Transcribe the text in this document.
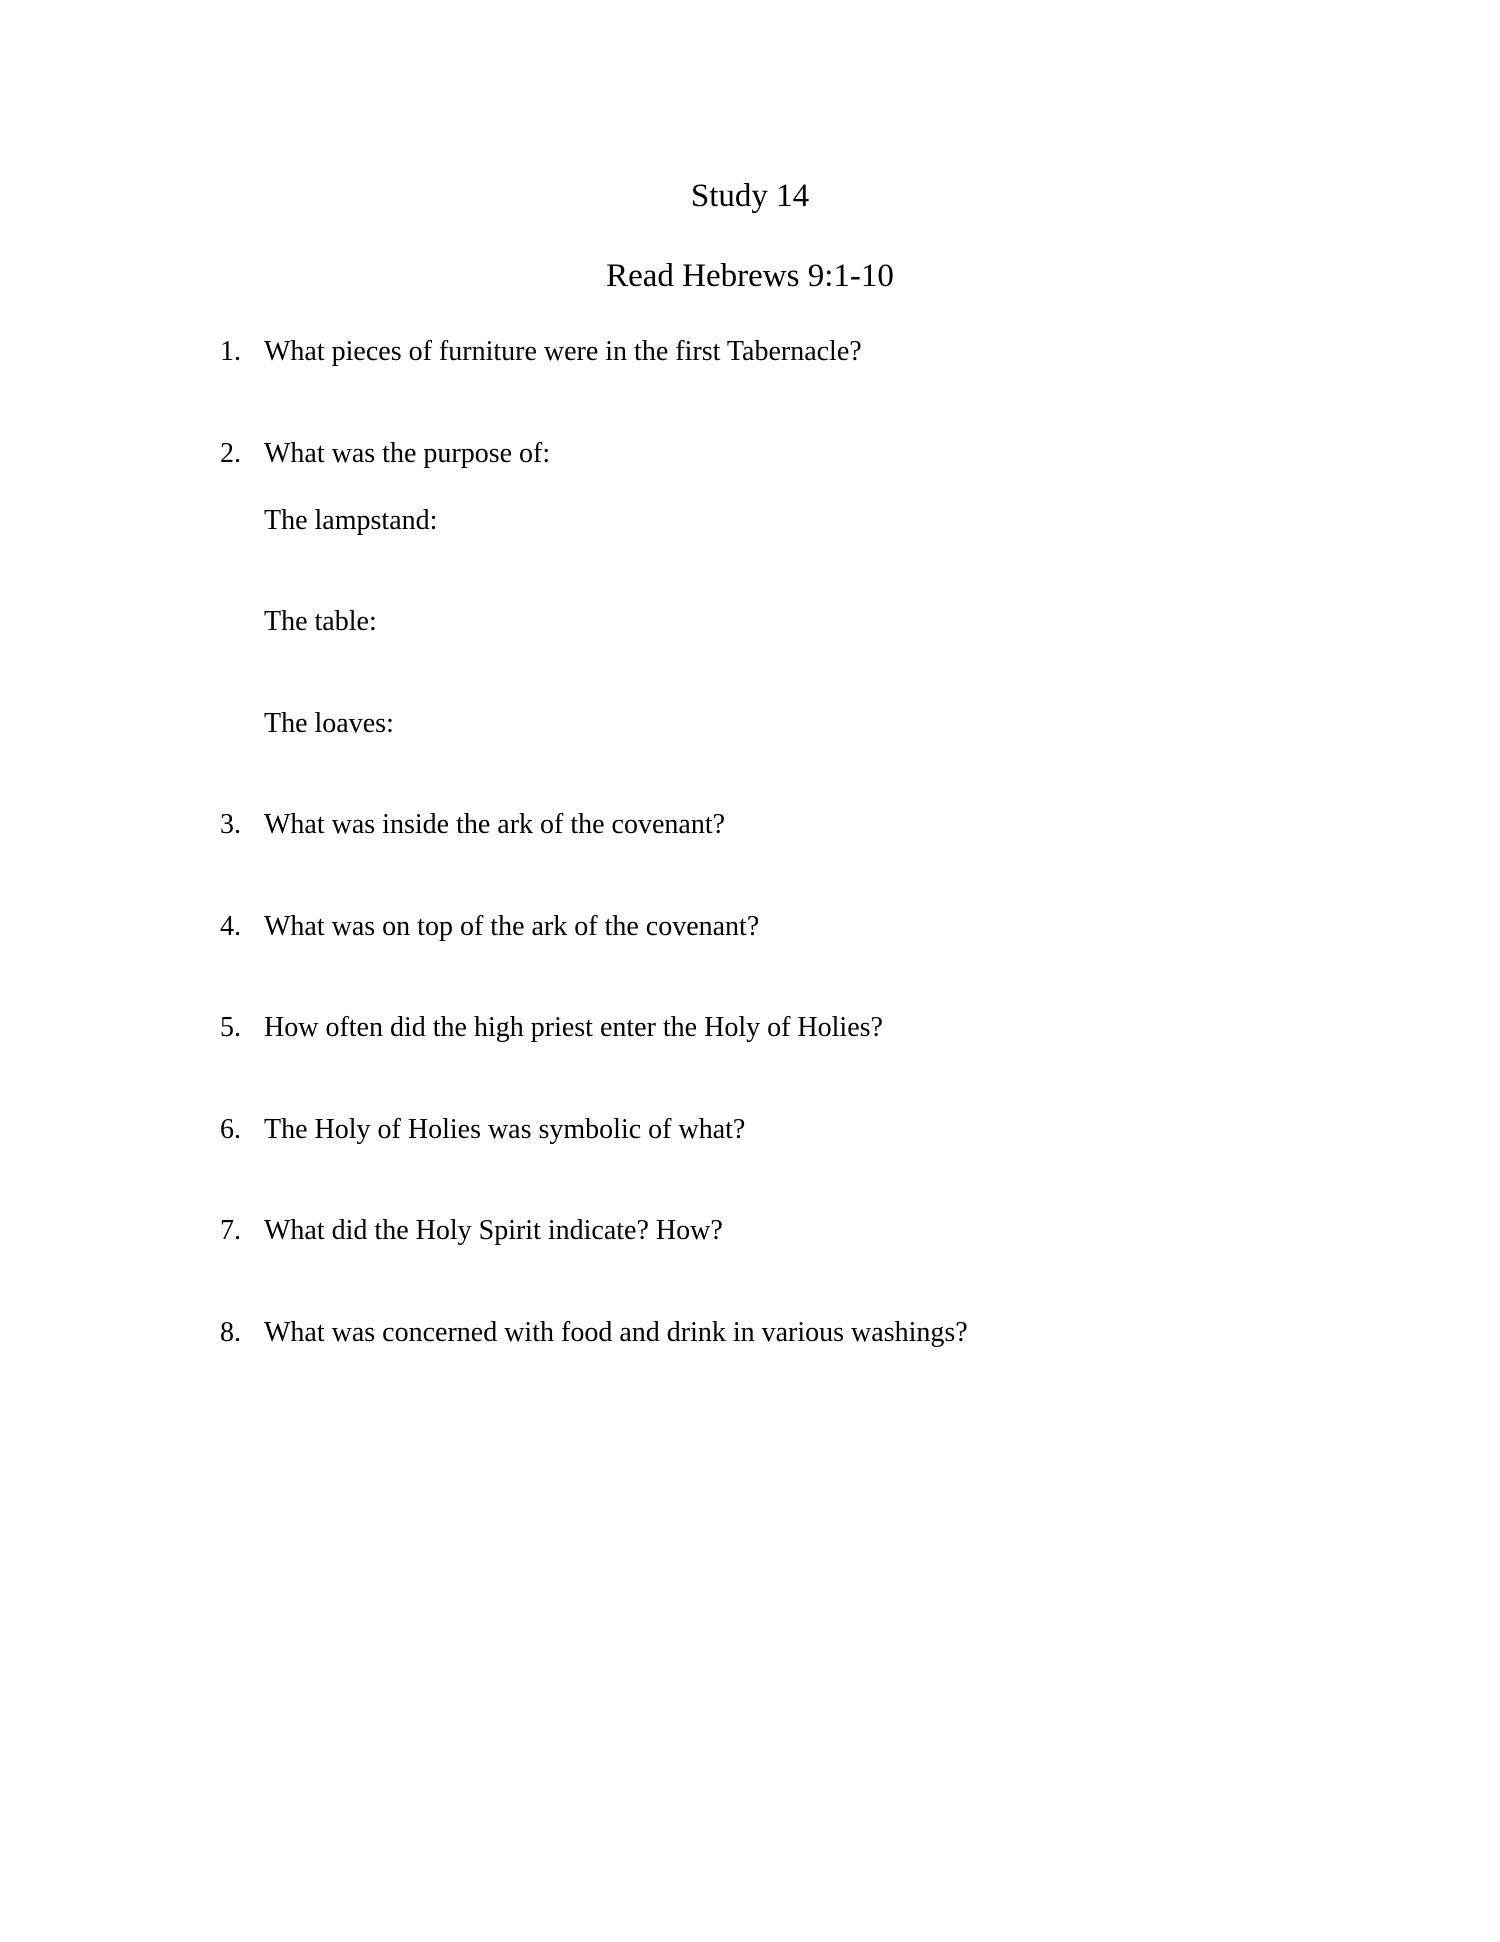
Study 14
Read Hebrews 9:1-10
1. What pieces of furniture were in the first Tabernacle?
2. What was the purpose of:
The lampstand:
The table:
The loaves:
3. What was inside the ark of the covenant?
4. What was on top of the ark of the covenant?
5. How often did the high priest enter the Holy of Holies?
6. The Holy of Holies was symbolic of what?
7. What did the Holy Spirit indicate? How?
8. What was concerned with food and drink in various washings?
